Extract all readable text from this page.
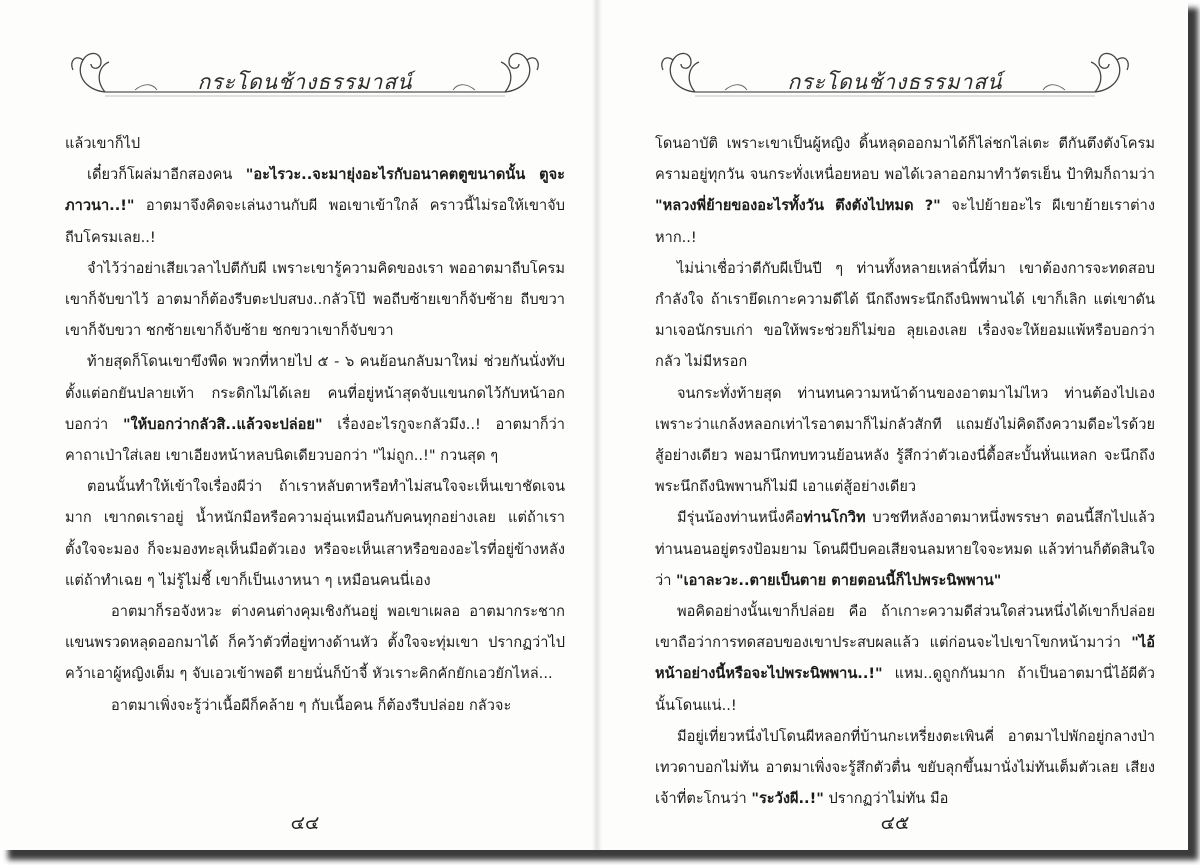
กระโดนช้างธรรมาสน์

แล้วเขาก็ไป

เดี๋ยวก็โผล่มาอีกสองคน "อะไรวะ..จะมายุ่งอะไรกับอนาคตตูขนาดนั้น ตูจะภาวนา..!" อาตมาจึงคิดจะเล่นงานกับผี พอเขาเข้าใกล้ คราวนี้ไม่รอให้เขาจับ ถีบโครมเลย..!

จำไว้ว่าอย่าเสียเวลาไปตีกับผี เพราะเขารู้ความคิดของเรา พออาตมาถีบโครม เขาก็จับขาไว้ อาตมาก็ต้องรีบตะปบสบง..กลัวโป๊ พอถีบซ้ายเขาก็จับซ้าย ถีบขวาเขาก็จับขวา ชกซ้ายเขาก็จับซ้าย ชกขวาเขาก็จับขวา

ท้ายสุดก็โดนเขาขึงพืด พวกที่หายไป ๕ - ๖ คนย้อนกลับมาใหม่ ช่วยกันนั่งทับตั้งแต่อกยันปลายเท้า กระดิกไม่ได้เลย คนที่อยู่หน้าสุดจับแขนกดไว้กับหน้าอกบอกว่า "ให้บอกว่ากลัวสิ..แล้วจะปล่อย" เรื่องอะไรกูจะกลัวมึง..! อาตมาก็ว่าคาถาเป่าใส่เลย เขาเอียงหน้าหลบนิดเดียวบอกว่า "ไม่ถูก..!" กวนสุด ๆ

ตอนนั้นทำให้เข้าใจเรื่องผีว่า ถ้าเราหลับตาหรือทำไม่สนใจจะเห็นเขาชัดเจนมาก เขากดเราอยู่ น้ำหนักมือหรือความอุ่นเหมือนกับคนทุกอย่างเลย แต่ถ้าเราตั้งใจจะมอง ก็จะมองทะลุเห็นมือตัวเอง หรือจะเห็นเสาหรือของอะไรที่อยู่ข้างหลัง แต่ถ้าทำเฉย ๆ ไม่รู้ไม่ชี้ เขาก็เป็นเงาหนา ๆ เหมือนคนนี่เอง

อาตมาก็รอจังหวะ ต่างคนต่างคุมเชิงกันอยู่ พอเขาเผลอ อาตมากระชากแขนพรวดหลุดออกมาได้ ก็คว้าตัวที่อยู่ทางด้านหัว ตั้งใจจะทุ่มเขา ปรากฏว่าไปคว้าเอาผู้หญิงเต็ม ๆ จับเอวเข้าพอดี ยายนั่นก็บ้าจี้ หัวเราะคิกคักยักเอวยักไหล่...

อาตมาเพิ่งจะรู้ว่าเนื้อผีก็คล้าย ๆ กับเนื้อคน ก็ต้องรีบปล่อย กลัวจะ

๔๔
กระโดนช้างธรรมาสน์

โดนอาบัติ เพราะเขาเป็นผู้หญิง ดิ้นหลุดออกมาได้ก็ไล่ชกไล่เตะ ตีกันตึงตังโครมครามอยู่ทุกวัน จนกระทั่งเหนื่อยหอบ พอได้เวลาออกมาทำวัตรเย็น ป้าทิมก็ถามว่า "หลวงพี่ย้ายของอะไรทั้งวัน ตึงตังไปหมด ?" จะไปย้ายอะไร ผีเขาย้ายเราต่างหาก..!

ไม่น่าเชื่อว่าตีกับผีเป็นปี ๆ ท่านทั้งหลายเหล่านี้ที่มา เขาต้องการจะทดสอบกำลังใจ ถ้าเรายึดเกาะความดีได้ นึกถึงพระนึกถึงนิพพานได้ เขาก็เลิก แต่เขาดันมาเจอนักรบเก่า ขอให้พระช่วยก็ไม่ขอ ลุยเองเลย เรื่องจะให้ยอมแพ้หรือบอกว่ากลัว ไม่มีหรอก

จนกระทั่งท้ายสุด ท่านทนความหน้าด้านของอาตมาไม่ไหว ท่านต้องไปเอง เพราะว่าแกล้งหลอกเท่าไรอาตมาก็ไม่กลัวสักที แถมยังไม่คิดถึงความดีอะไรด้วย สู้อย่างเดียว พอมานึกทบทวนย้อนหลัง รู้สึกว่าตัวเองนี่ดื้อสะบั้นหั่นแหลก จะนึกถึงพระนึกถึงนิพพานก็ไม่มี เอาแต่สู้อย่างเดียว

มีรุ่นน้องท่านหนึ่งคือท่านโกวิท บวชทีหลังอาตมาหนึ่งพรรษา ตอนนี้สึกไปแล้ว ท่านนอนอยู่ตรงป้อมยาม โดนผีบีบคอเสียจนลมหายใจจะหมด แล้วท่านก็ตัดสินใจว่า "เอาละวะ..ตายเป็นตาย ตายตอนนี้ก็ไปพระนิพพาน"

พอคิดอย่างนั้นเขาก็ปล่อย คือ ถ้าเกาะความดีส่วนใดส่วนหนึ่งได้เขาก็ปล่อย เขาถือว่าการทดสอบของเขาประสบผลแล้ว แต่ก่อนจะไปเขาโขกหน้ามาว่า "ไอ้หน้าอย่างนี้หรือจะไปพระนิพพาน..!" แหม..ดูถูกกันมาก ถ้าเป็นอาตมานี่ไอ้ผีตัวนั้นโดนแน่..!

มีอยู่เที่ยวหนึ่งไปโดนผีหลอกที่บ้านกะเหรี่ยงตะเพินคี่ อาตมาไปพักอยู่กลางป่า เทวดาบอกไม่ทัน อาตมาเพิ่งจะรู้สึกตัวตื่น ขยับลุกขึ้นมานั่งไม่ทันเต็มตัวเลย เสียงเจ้าที่ตะโกนว่า "ระวังผี..!" ปรากฏว่าไม่ทัน มือ

๔๕
